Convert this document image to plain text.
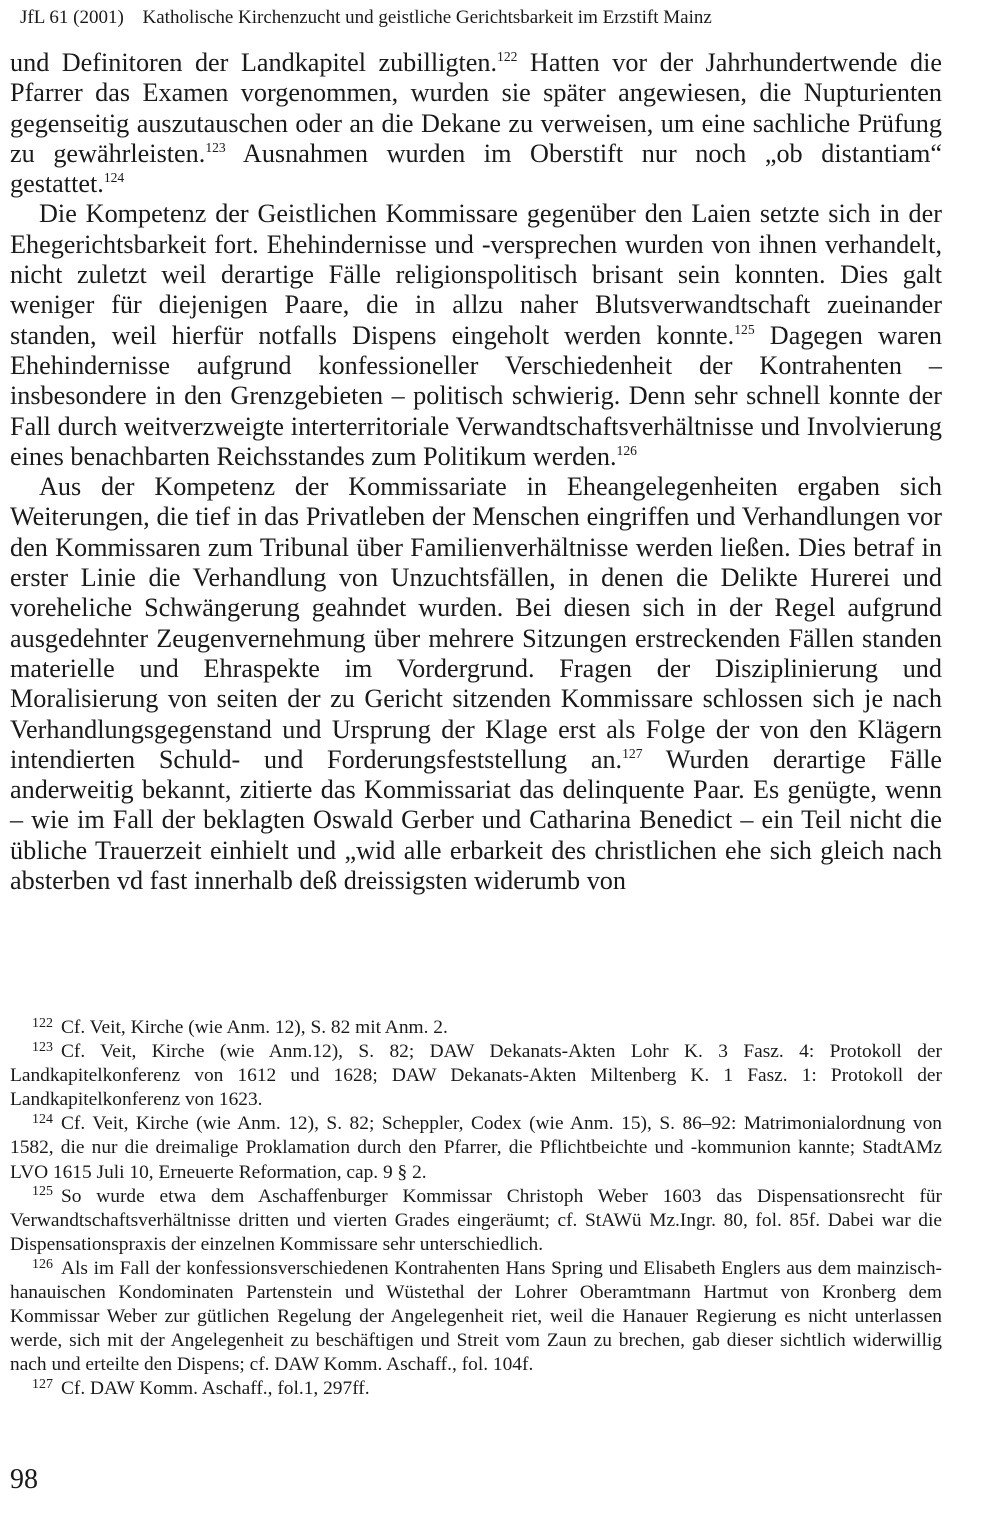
JfL 61 (2001) Katholische Kirchenzucht und geistliche Gerichtsbarkeit im Erzstift Mainz

und Definitoren der Landkapitel zubilligten.$^{122}$ Hatten vor der Jahrhundertwende die Pfarrer das Examen vorgenommen, wurden sie später angewiesen, die Nupturienten gegenseitig auszutauschen oder an die Dekane zu verweisen, um eine sachliche Prüfung zu gewährleisten.$^{123}$ Ausnahmen wurden im Oberstift nur noch „ob distantiam“ gestattet.$^{124}$

Die Kompetenz der Geistlichen Kommissare gegenüber den Laien setzte sich in der Ehegerichtsbarkeit fort. Ehehindernisse und -versprechen wurden von ihnen verhandelt, nicht zuletzt weil derartige Fälle religionspolitisch brisant sein konnten. Dies galt weniger für diejenigen Paare, die in allzu naher Blutsverwandtschaft zueinander standen, weil hierfür notfalls Dispens eingeholt werden konnte.$^{125}$ Dagegen waren Ehehindernisse aufgrund konfessioneller Verschiedenheit der Kontrahenten – insbesondere in den Grenzgebieten – politisch schwierig. Denn sehr schnell konnte der Fall durch weitverzweigte interterritoriale Verwandtschaftsverhältnisse und Involvierung eines benachbarten Reichsstandes zum Politikum werden.$^{126}$

Aus der Kompetenz der Kommissariate in Eheangelegenheiten ergaben sich Weiterungen, die tief in das Privatleben der Menschen eingriffen und Verhandlungen vor den Kommissaren zum Tribunal über Familienverhältnisse werden ließen. Dies betraf in erster Linie die Verhandlung von Unzuchtsfällen, in denen die Delikte Hurerei und voreheliche Schwängerung geahndet wurden. Bei diesen sich in der Regel aufgrund ausgedehnter Zeugenvernehmung über mehrere Sitzungen erstreckenden Fällen standen materielle und Ehraspekte im Vordergrund. Fragen der Disziplinierung und Moralisierung von seiten der zu Gericht sitzenden Kommissare schlossen sich je nach Verhandlungsgegenstand und Ursprung der Klage erst als Folge der von den Klägern intendierten Schuld- und Forderungsfeststellung an.$^{127}$ Wurden derartige Fälle anderweitig bekannt, zitierte das Kommissariat das delinquente Paar. Es genügte, wenn – wie im Fall der beklagten Oswald Gerber und Catharina Benedict – ein Teil nicht die übliche Trauerzeit einhielt und „wid alle erbarkeit des christlichen ehe sich gleich nach absterben vd fast innerhalb deß dreissigsten widerumb von

$^{122}$ Cf. Veit, Kirche (wie Anm. 12), S. 82 mit Anm. 2.

$^{123}$ Cf. Veit, Kirche (wie Anm.12), S. 82; DAW Dekanats-Akten Lohr K. 3 Fasz. 4: Protokoll der Landkapitelkonferenz von 1612 und 1628; DAW Dekanats-Akten Miltenberg K. 1 Fasz. 1: Protokoll der Landkapitelkonferenz von 1623.

$^{124}$ Cf. Veit, Kirche (wie Anm. 12), S. 82; Scheppler, Codex (wie Anm. 15), S. 86–92: Matrimonialordnung von 1582, die nur die dreimalige Proklamation durch den Pfarrer, die Pflichtbeichte und -kommunion kannte; StadtAMz LVO 1615 Juli 10, Erneuerte Reformation, cap. 9 § 2.

$^{125}$ So wurde etwa dem Aschaffenburger Kommissar Christoph Weber 1603 das Dispensationsrecht für Verwandtschaftsverhältnisse dritten und vierten Grades eingeräumt; cf. StAWü Mz.Ingr. 80, fol. 85f. Dabei war die Dispensationspraxis der einzelnen Kommissare sehr unterschiedlich.

$^{126}$ Als im Fall der konfessionsverschiedenen Kontrahenten Hans Spring und Elisabeth Englers aus dem mainzisch-hanauischen Kondominaten Partenstein und Wüstethal der Lohrer Oberamtmann Hartmut von Kronberg dem Kommissar Weber zur gütlichen Regelung der Angelegenheit riet, weil die Hanauer Regierung es nicht unterlassen werde, sich mit der Angelegenheit zu beschäftigen und Streit vom Zaun zu brechen, gab dieser sichtlich widerwillig nach und erteilte den Dispens; cf. DAW Komm. Aschaff., fol. 104f.

$^{127}$ Cf. DAW Komm. Aschaff., fol.1, 297ff.

98
